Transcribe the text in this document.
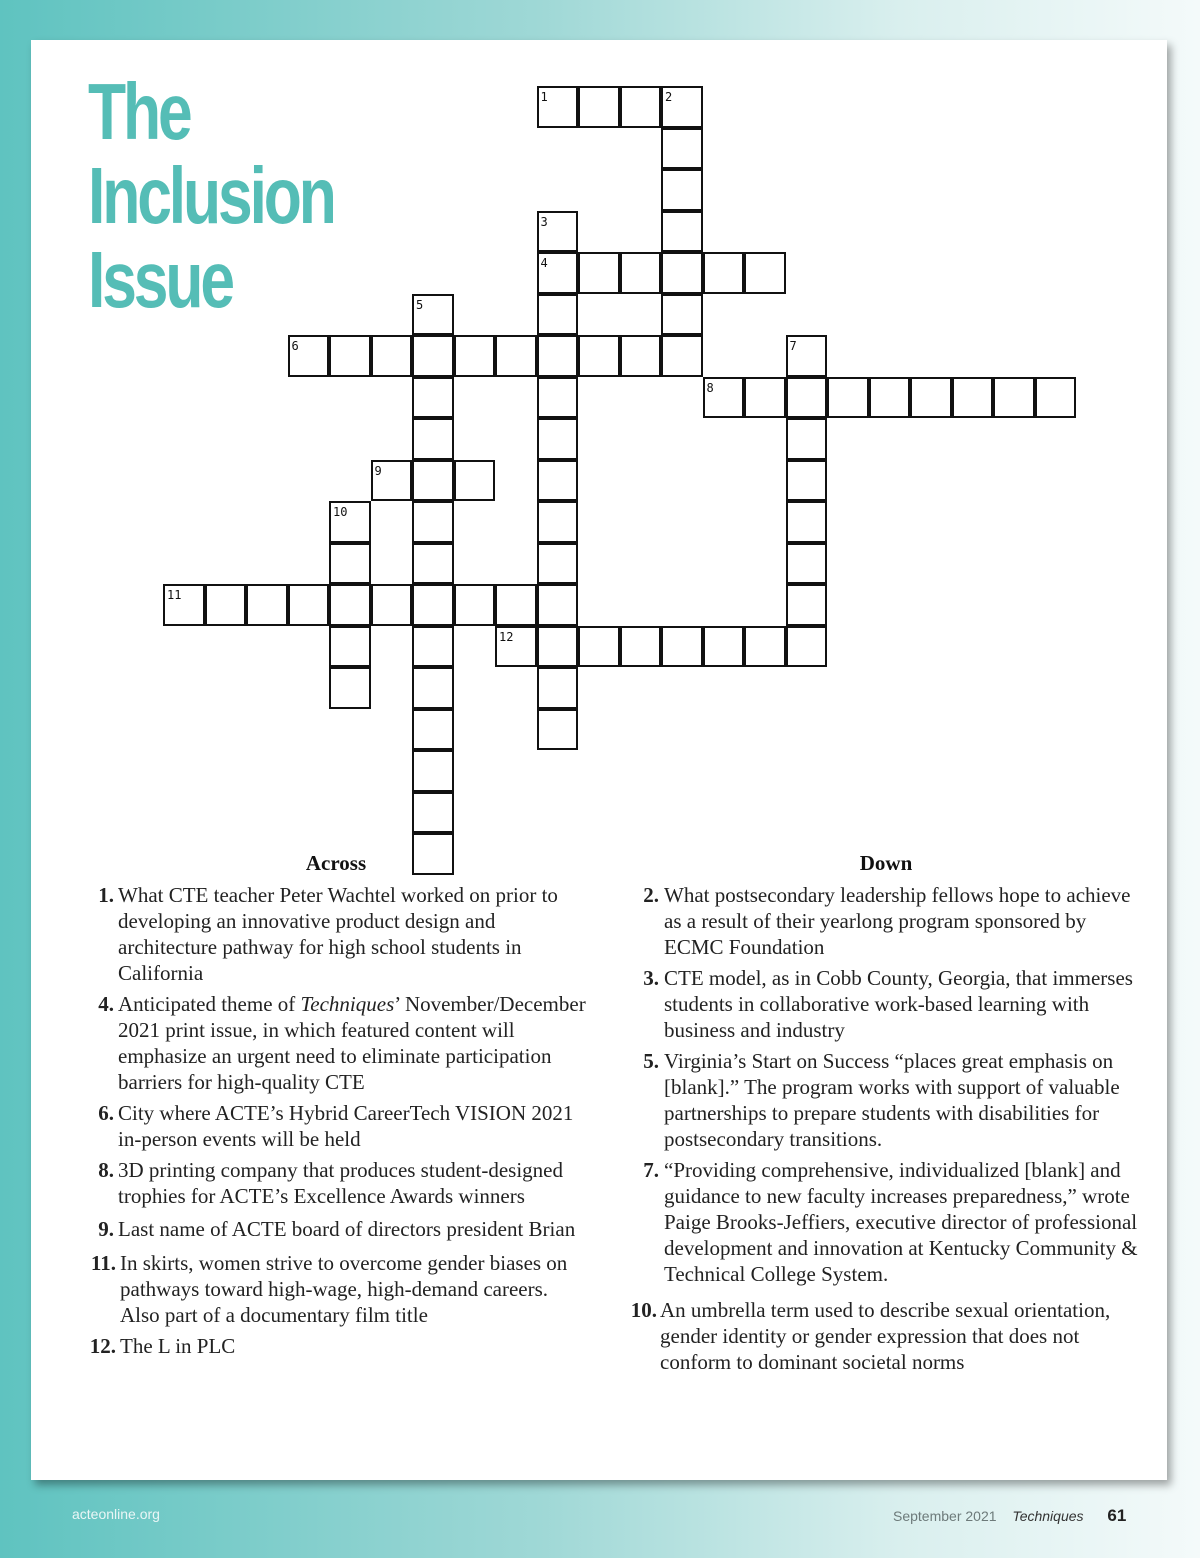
The
Inclusion
Issue
1	2
3
4
5
6	7
8
9
10
11
12
Across
1. What CTE teacher Peter Wachtel worked on prior to developing an innovative product design and architecture pathway for high school students in California
4. Anticipated theme of Techniques’ November/December 2021 print issue, in which featured content will emphasize an urgent need to eliminate participation barriers for high-quality CTE
6. City where ACTE’s Hybrid CareerTech VISION 2021 in-person events will be held
8. 3D printing company that produces student-designed trophies for ACTE’s Excellence Awards winners
9. Last name of ACTE board of directors president Brian
11. In skirts, women strive to overcome gender biases on pathways toward high-wage, high-demand careers. Also part of a documentary film title
12. The L in PLC
Down
2. What postsecondary leadership fellows hope to achieve as a result of their yearlong program sponsored by ECMC Foundation
3. CTE model, as in Cobb County, Georgia, that immerses students in collaborative work-based learning with business and industry
5. Virginia’s Start on Success “places great emphasis on [blank].” The program works with support of valuable partnerships to prepare students with disabilities for postsecondary transitions.
7. “Providing comprehensive, individualized [blank] and guidance to new faculty increases preparedness,” wrote Paige Brooks-Jeffiers, executive director of professional development and innovation at Kentucky Community & Technical College System.
10. An umbrella term used to describe sexual orientation, gender identity or gender expression that does not conform to dominant societal norms
acteonline.org	September 2021 Techniques 61
